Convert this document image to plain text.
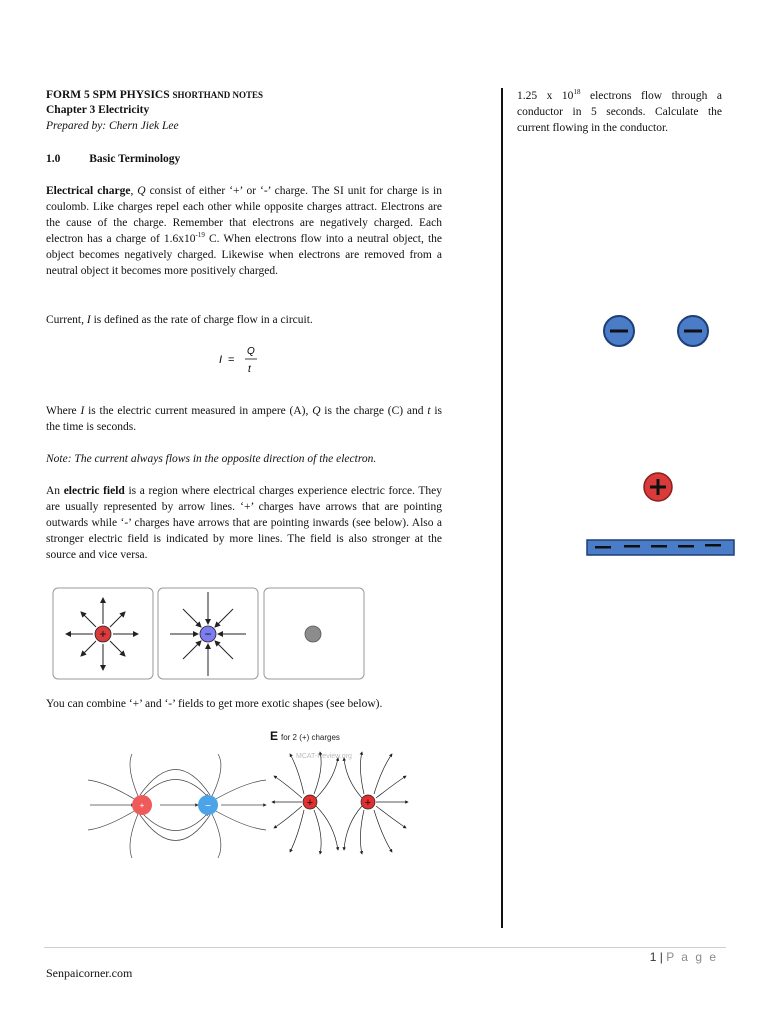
FORM 5 SPM PHYSICS SHORTHAND NOTES
Chapter 3 Electricity
Prepared by: Chern Jiek Lee
1.0	Basic Terminology
Electrical charge, Q consist of either ‘+’ or ‘-’ charge. The SI unit for charge is in coulomb. Like charges repel each other while opposite charges attract. Electrons are the cause of the charge. Remember that electrons are negatively charged. Each electron has a charge of $1.6x10^{-19}$ C. When electrons flow into a neutral object, the object becomes negatively charged. Likewise when electrons are removed from a neutral object it becomes more positively charged.
Current, I is defined as the rate of charge flow in a circuit.
I =
Q
t
Where I is the electric current measured in ampere (A), Q is the charge (C) and t is the time is seconds.
Note: The current always flows in the opposite direction of the electron.
An electric field is a region where electrical charges experience electric force. They are usually represented by arrow lines. ‘+’ charges have arrows that are pointing outwards while ‘-’ charges have arrows that are pointing inwards (see below). Also a stronger electric field is indicated by more lines. The field is also stronger at the source and vice versa.
+	−
You can combine ‘+’ and ‘-’ fields to get more exotic shapes (see below).
+	−
E for 2 (+) charges
MCAT-Review.org
+	+
1.25 x $10^{18}$ electrons flow through a conductor in 5 seconds. Calculate the current flowing in the conductor.
1 | P a g e
Senpaicorner.com
